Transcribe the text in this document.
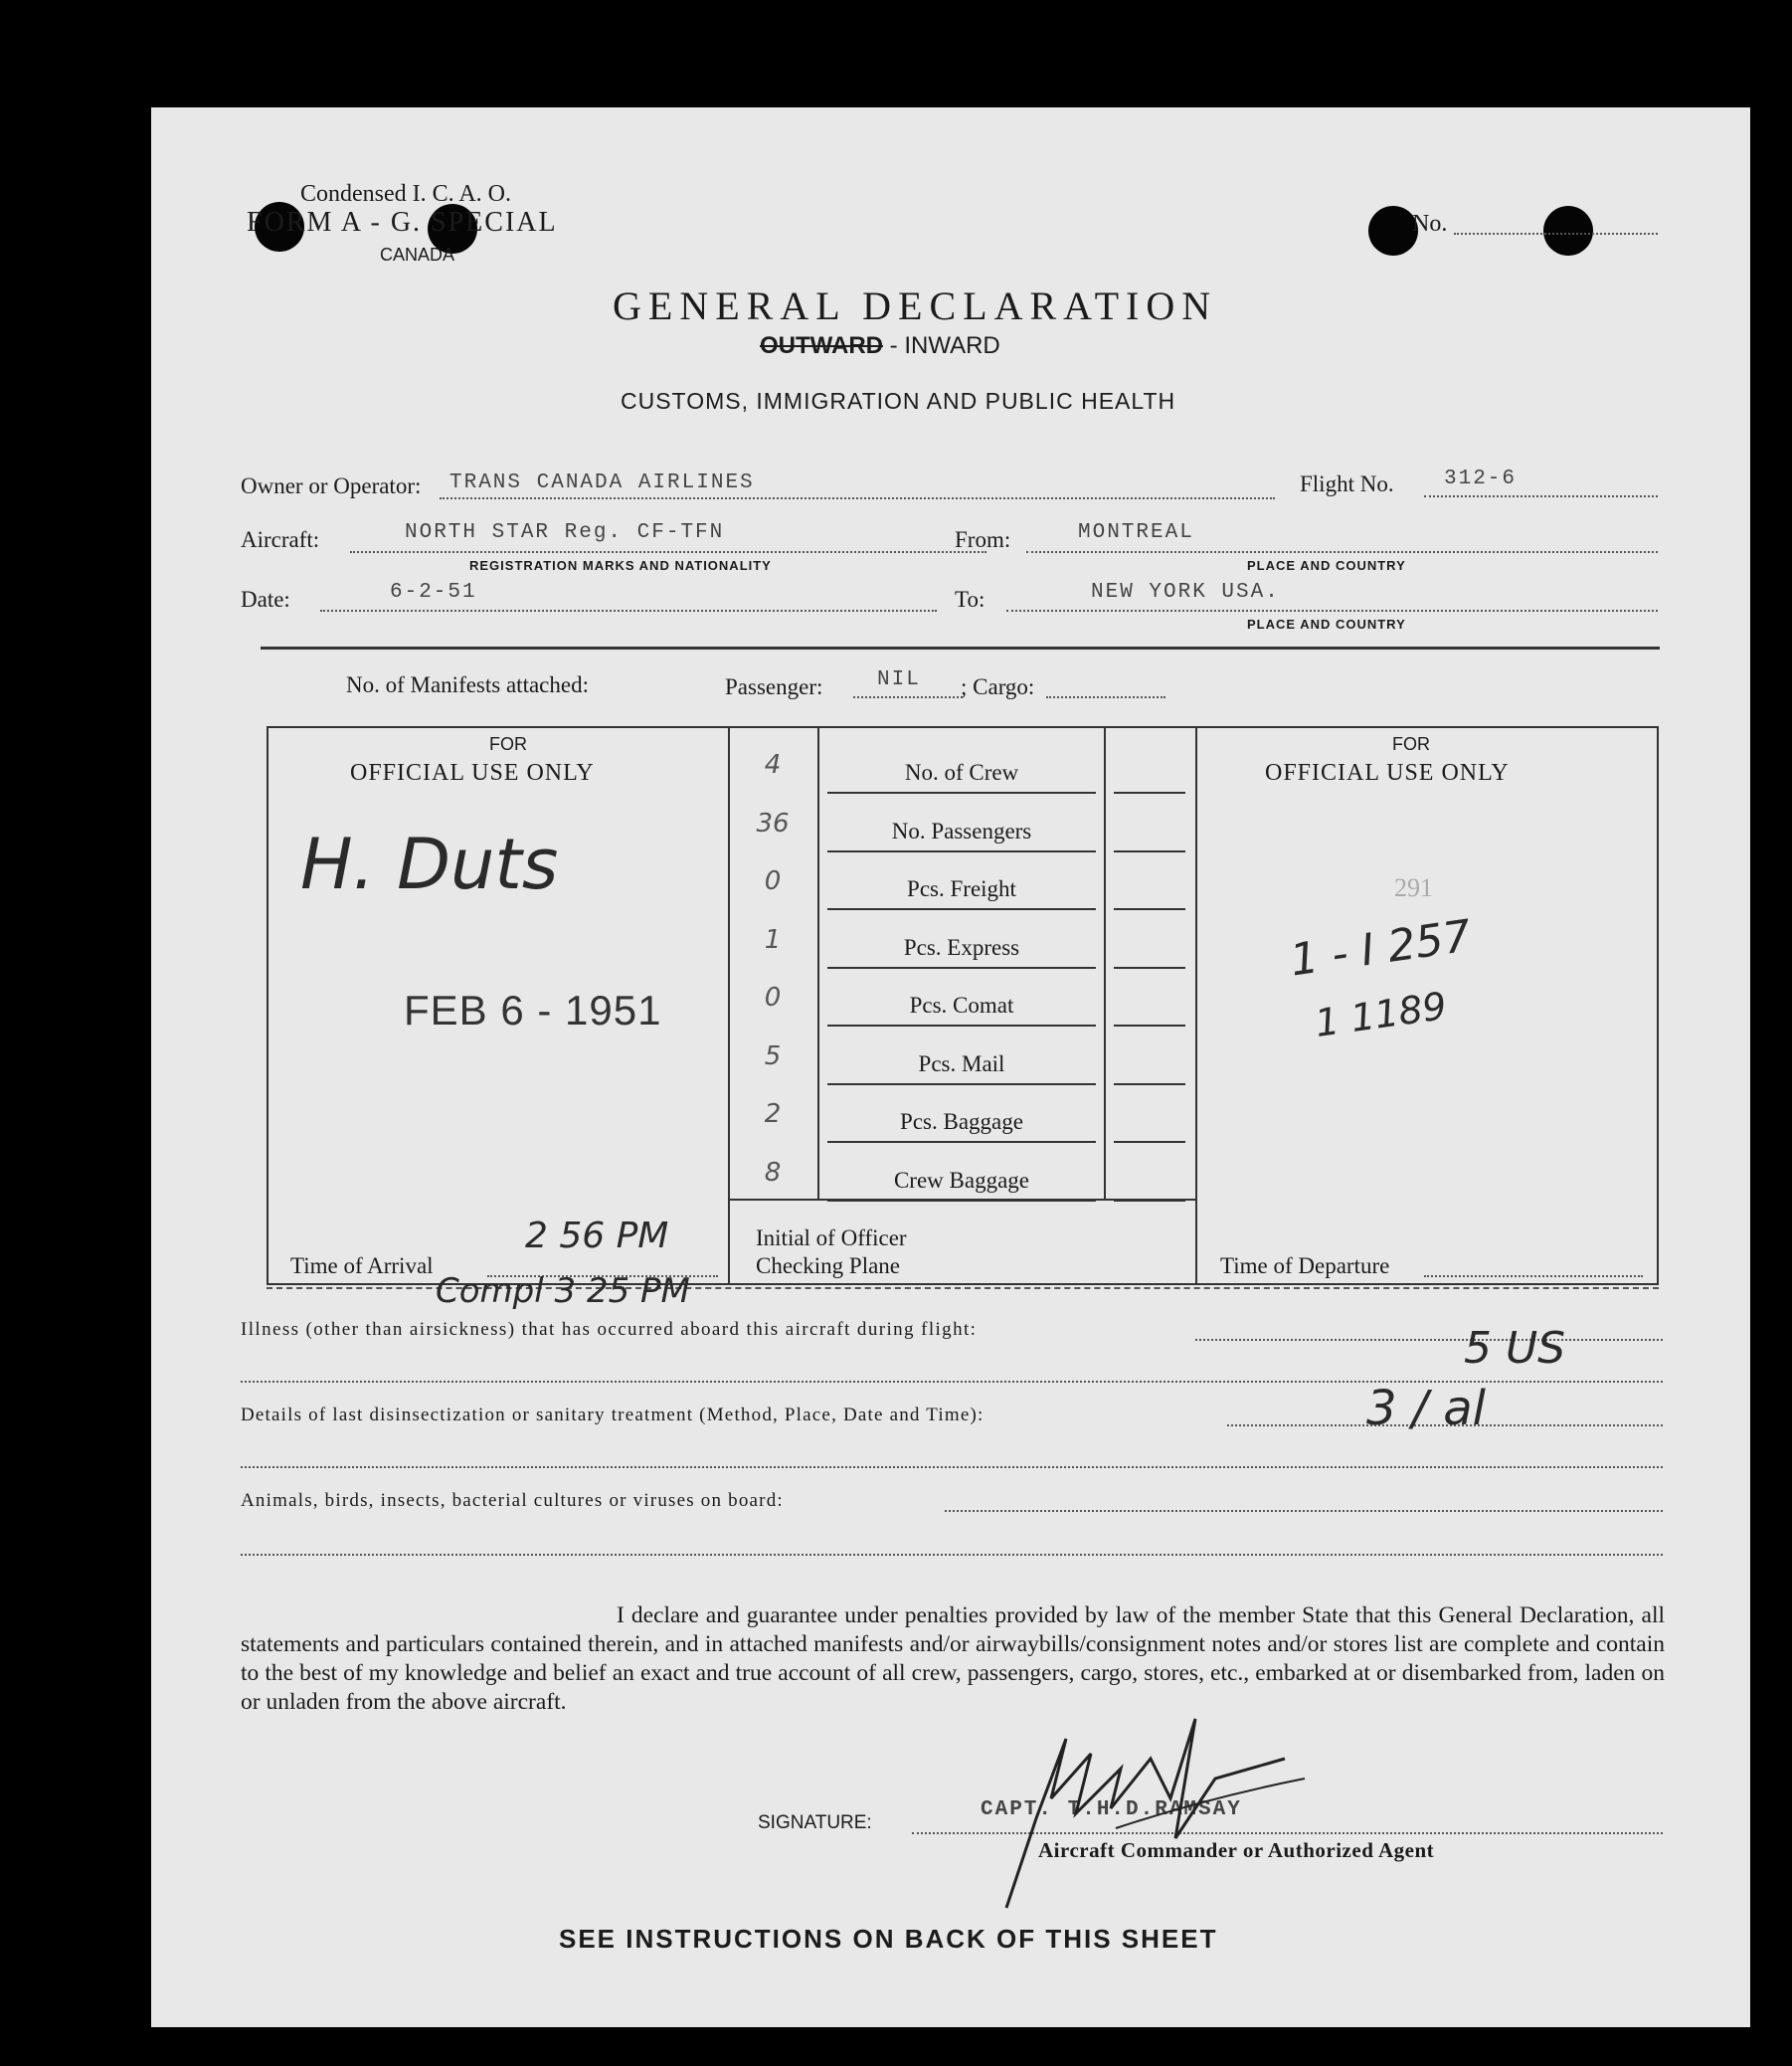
Condensed I. C. A. O.
FORM A - G. SPECIAL
CANADA
No.
GENERAL DECLARATION
OUTWARD - INWARD
CUSTOMS, IMMIGRATION AND PUBLIC HEALTH
Owner or Operator: TRANS CANADA AIRLINES	Flight No. 312-6
Aircraft:	NORTH STAR Reg. CF-TFN
REGISTRATION MARKS AND NATIONALITY
From:	MONTREAL
PLACE AND COUNTRY
Date:	6-2-51	To:	NEW YORK USA.
PLACE AND COUNTRY
No. of Manifests attached:	Passenger:	NIL ; Cargo:
FOR
OFFICIAL USE ONLY
H. Duts
FEB 6 - 1951
Time of Arrival
2 56 PM
4	No. of Crew
36	No. Passengers
0	Pcs. Freight
1	Pcs. Express
0	Pcs. Comat
5	Pcs. Mail
2	Pcs. Baggage
8	Crew Baggage
Initial of Officer
Checking Plane
FOR
OFFICIAL USE ONLY
291
1 - I 257
1 1189
Time of Departure
Compl 3 25 PM
Illness (other than airsickness) that has occurred aboard this aircraft during flight:	5 US
Details of last disinsectization or sanitary treatment (Method, Place, Date and Time):	3 / al
Animals, birds, insects, bacterial cultures or viruses on board:
I declare and guarantee under penalties provided by law of the member State that this General Declaration, all statements and particulars contained therein, and in attached manifests and/or airwaybills/consignment notes and/or stores list are complete and contain to the best of my knowledge and belief an exact and true account of all crew, passengers, cargo, stores, etc., embarked at or disembarked from, laden on or unladen from the above aircraft.
SIGNATURE:
CAPT. T.H.D.RAMSAY
Aircraft Commander or Authorized Agent
SEE INSTRUCTIONS ON BACK OF THIS SHEET
